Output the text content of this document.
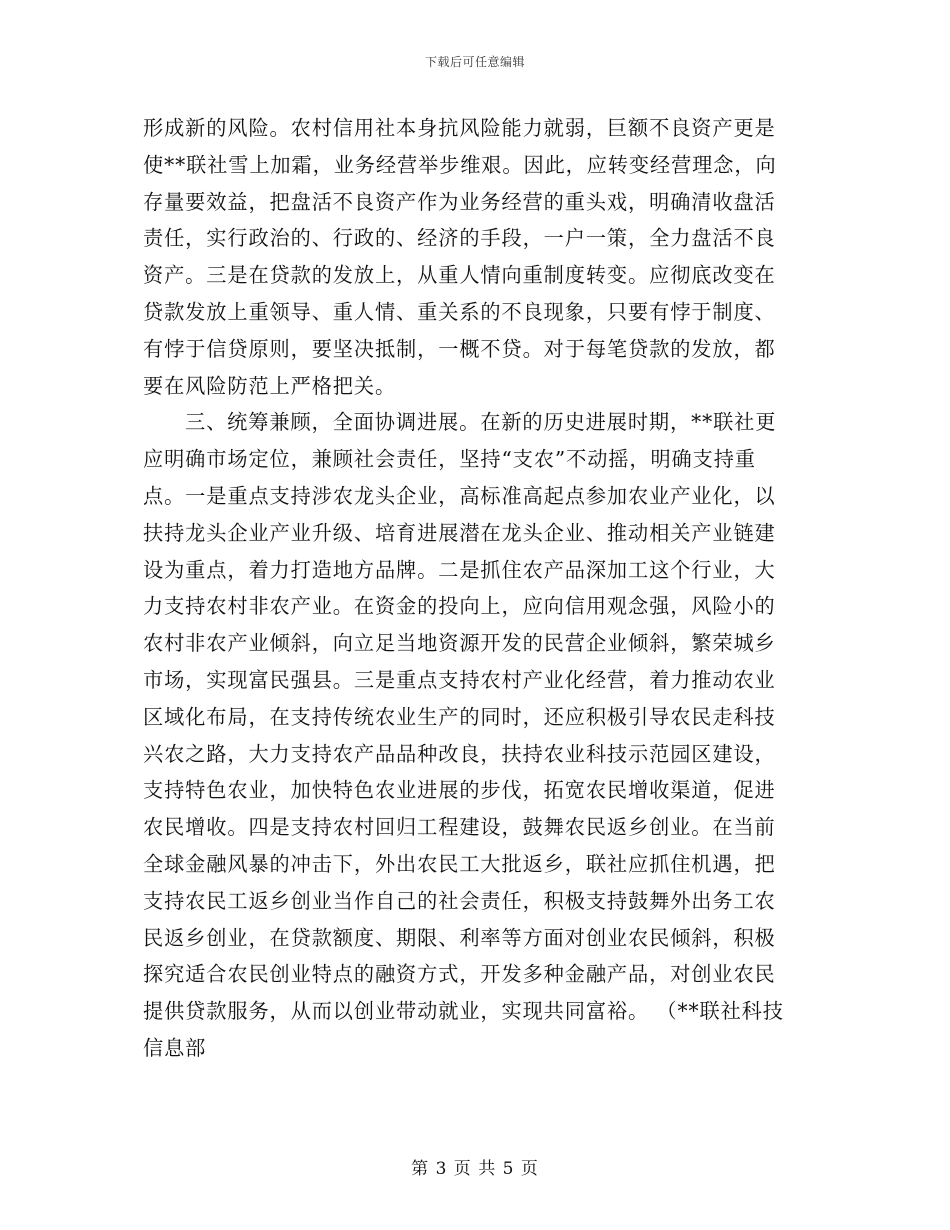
下载后可任意编辑
形成新的风险。农村信用社本身抗风险能力就弱，巨额不良资产更是
使**联社雪上加霜，业务经营举步维艰。因此，应转变经营理念，向
存量要效益，把盘活不良资产作为业务经营的重头戏，明确清收盘活
责任，实行政治的、行政的、经济的手段，一户一策，全力盘活不良
资产。三是在贷款的发放上，从重人情向重制度转变。应彻底改变在
贷款发放上重领导、重人情、重关系的不良现象，只要有悖于制度、
有悖于信贷原则，要坚决抵制，一概不贷。对于每笔贷款的发放，都
要在风险防范上严格把关。
三、统筹兼顾，全面协调进展。在新的历史进展时期，**联社更
应明确市场定位，兼顾社会责任，坚持“支农”不动摇，明确支持重
点。一是重点支持涉农龙头企业，高标准高起点参加农业产业化，以
扶持龙头企业产业升级、培育进展潜在龙头企业、推动相关产业链建
设为重点，着力打造地方品牌。二是抓住农产品深加工这个行业，大
力支持农村非农产业。在资金的投向上，应向信用观念强，风险小的
农村非农产业倾斜，向立足当地资源开发的民营企业倾斜，繁荣城乡
市场，实现富民强县。三是重点支持农村产业化经营，着力推动农业
区域化布局，在支持传统农业生产的同时，还应积极引导农民走科技
兴农之路，大力支持农产品品种改良，扶持农业科技示范园区建设，
支持特色农业，加快特色农业进展的步伐，拓宽农民增收渠道，促进
农民增收。四是支持农村回归工程建设，鼓舞农民返乡创业。在当前
全球金融风暴的冲击下，外出农民工大批返乡，联社应抓住机遇，把
支持农民工返乡创业当作自己的社会责任，积极支持鼓舞外出务工农
民返乡创业，在贷款额度、期限、利率等方面对创业农民倾斜，积极
探究适合农民创业特点的融资方式，开发多种金融产品，对创业农民
提供贷款服务，从而以创业带动就业，实现共同富裕。 （**联社科技
信息部
第 3 页 共 5 页
